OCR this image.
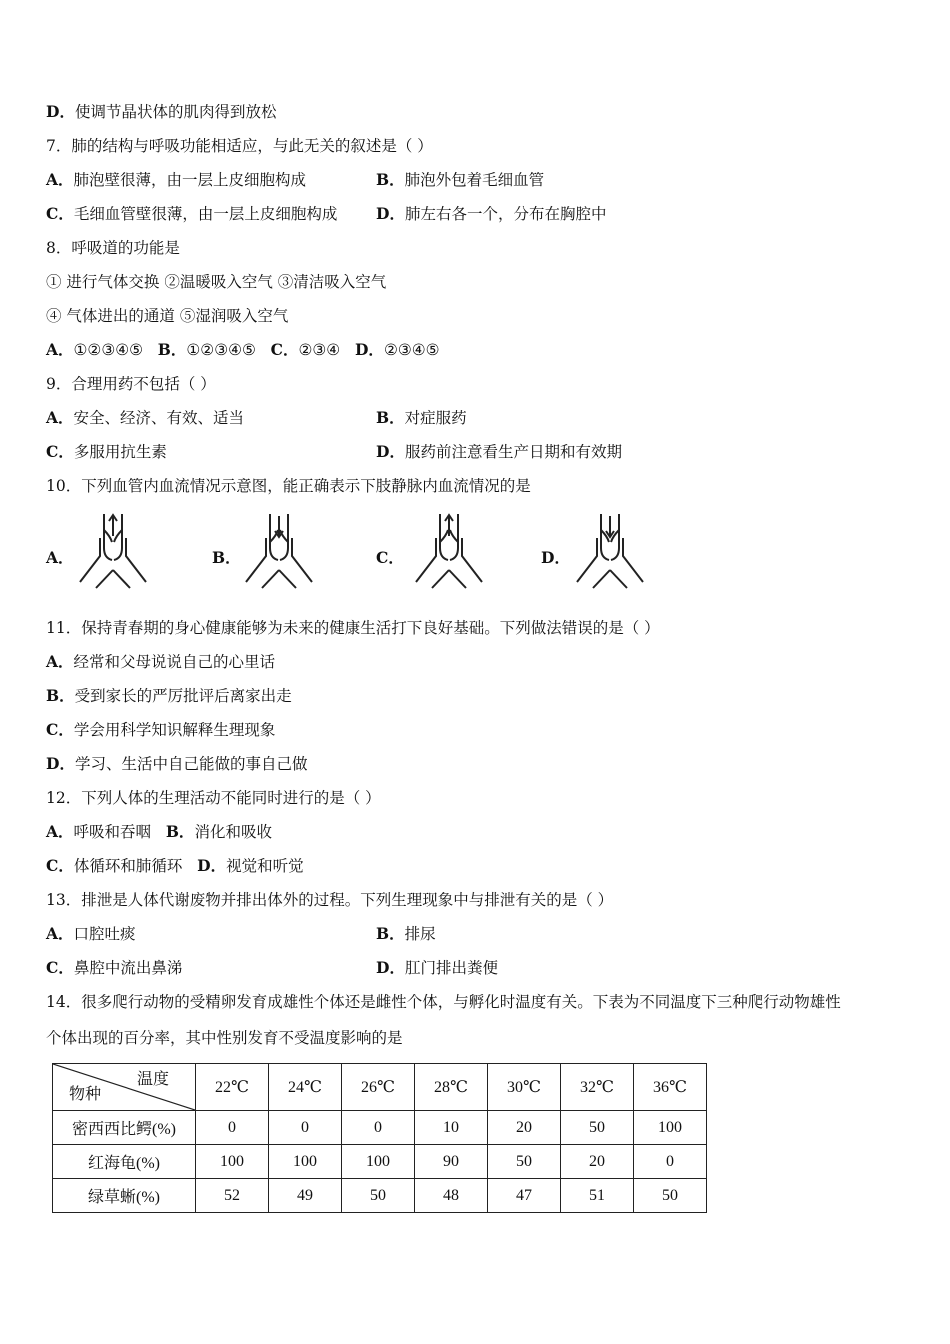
D．使调节晶状体的肌肉得到放松
7．肺的结构与呼吸功能相适应，与此无关的叙述是（ ）
A．肺泡壁很薄，由一层上皮细胞构成	B．肺泡外包着毛细血管
C．毛细血管壁很薄，由一层上皮细胞构成 D．肺左右各一个，分布在胸腔中
8．呼吸道的功能是
① 进行气体交换 ②温暖吸入空气 ③清洁吸入空气
④ 气体进出的通道 ⑤湿润吸入空气
A．①②③④⑤ B．①②③④⑤ C．②③④ D．②③④⑤
9．合理用药不包括（ ）
A．安全、经济、有效、适当	B．对症服药
C．多服用抗生素	D．服药前注意看生产日期和有效期
10．下列血管内血流情况示意图，能正确表示下肢静脉内血流情况的是
A．	B．	C．	D．
11．保持青春期的身心健康能够为未来的健康生活打下良好基础。下列做法错误的是（ ）
A．经常和父母说说自己的心里话
B．受到家长的严厉批评后离家出走
C．学会用科学知识解释生理现象
D．学习、生活中自己能做的事自己做
12．下列人体的生理活动不能同时进行的是（ ）
A．呼吸和吞咽 B．消化和吸收
C．体循环和肺循环 D．视觉和听觉
13．排泄是人体代谢废物并排出体外的过程。下列生理现象中与排泄有关的是（ ）
A．口腔吐痰	B．排尿
C．鼻腔中流出鼻涕	D．肛门排出粪便
14．很多爬行动物的受精卵发育成雄性个体还是雌性个体，与孵化时温度有关。下表为不同温度下三种爬行动物雄性
个体出现的百分率，其中性别发育不受温度影响的是
温度
物种	22℃	24℃	26℃	28℃	30℃	32℃	36℃
密西西比鳄(%)	0	0	0	10	20	50	100
红海龟(%)	100	100	100	90	50	20	0
绿草蜥(%)	52	49	50	48	47	51	50
